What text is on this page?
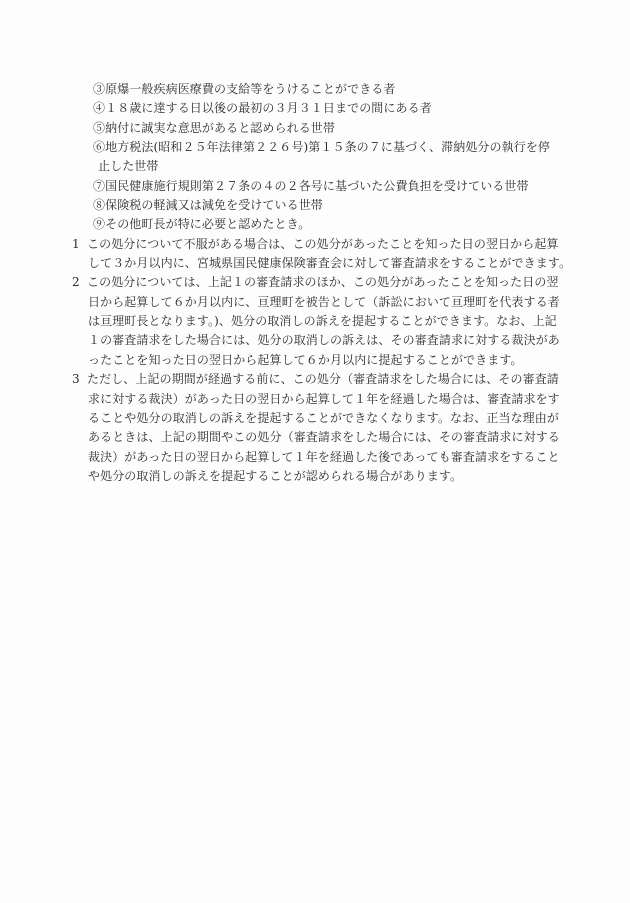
③原爆一般疾病医療費の支給等をうけることができる者
④１８歳に達する日以後の最初の３月３１日までの間にある者
⑤納付に誠実な意思があると認められる世帯
⑥地方税法(昭和２５年法律第２２６号)第１５条の７に基づく、滞納処分の執行を停
止した世帯
⑦国民健康施行規則第２７条の４の２各号に基づいた公費負担を受けている世帯
⑧保険税の軽減又は減免を受けている世帯
⑨その他町長が特に必要と認めたとき。
1 この処分について不服がある場合は、この処分があったことを知った日の翌日から起算
して３か月以内に、宮城県国民健康保険審査会に対して審査請求をすることができます。
2 この処分については、上記１の審査請求のほか、この処分があったことを知った日の翌
日から起算して６か月以内に、亘理町を被告として（訴訟において亘理町を代表する者
は亘理町長となります。)、処分の取消しの訴えを提起することができます。なお、上記
１の審査請求をした場合には、処分の取消しの訴えは、その審査請求に対する裁決があ
ったことを知った日の翌日から起算して６か月以内に提起することができます。
3 ただし、上記の期間が経過する前に、この処分（審査請求をした場合には、その審査請
求に対する裁決）があった日の翌日から起算して１年を経過した場合は、審査請求をす
ることや処分の取消しの訴えを提起することができなくなります。なお、正当な理由が
あるときは、上記の期間やこの処分（審査請求をした場合には、その審査請求に対する
裁決）があった日の翌日から起算して１年を経過した後であっても審査請求をすること
や処分の取消しの訴えを提起することが認められる場合があります。
